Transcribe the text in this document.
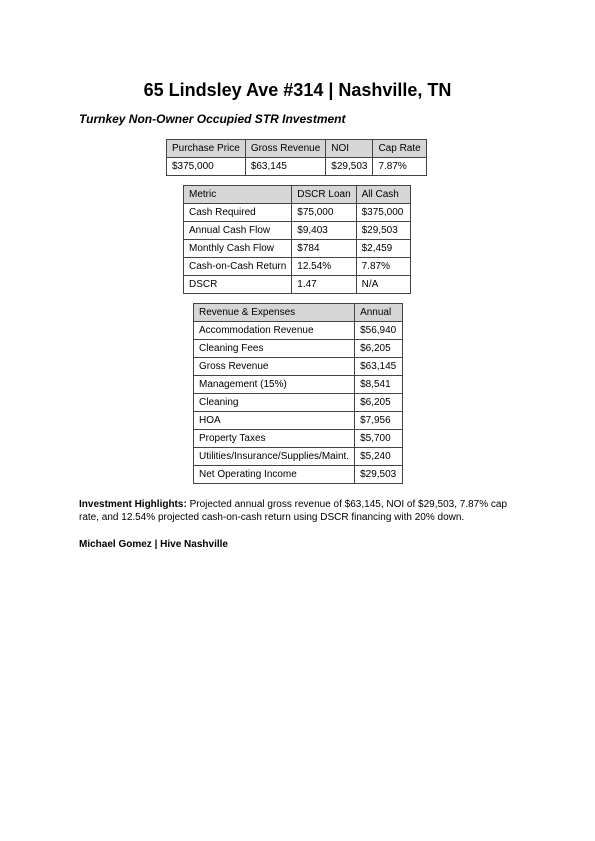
65 Lindsley Ave #314 | Nashville, TN
Turnkey Non-Owner Occupied STR Investment
Purchase Price	Gross Revenue	NOI	Cap Rate
$375,000	$63,145	$29,503	7.87%
Metric	DSCR Loan	All Cash
Cash Required	$75,000	$375,000
Annual Cash Flow	$9,403	$29,503
Monthly Cash Flow	$784	$2,459
Cash-on-Cash Return	12.54%	7.87%
DSCR	1.47	N/A
Revenue & Expenses	Annual
Accommodation Revenue	$56,940
Cleaning Fees	$6,205
Gross Revenue	$63,145
Management (15%)	$8,541
Cleaning	$6,205
HOA	$7,956
Property Taxes	$5,700
Utilities/Insurance/Supplies/Maint.	$5,240
Net Operating Income	$29,503
Investment Highlights: Projected annual gross revenue of $63,145, NOI of $29,503, 7.87% cap rate, and 12.54% projected cash-on-cash return using DSCR financing with 20% down.
Michael Gomez | Hive Nashville
